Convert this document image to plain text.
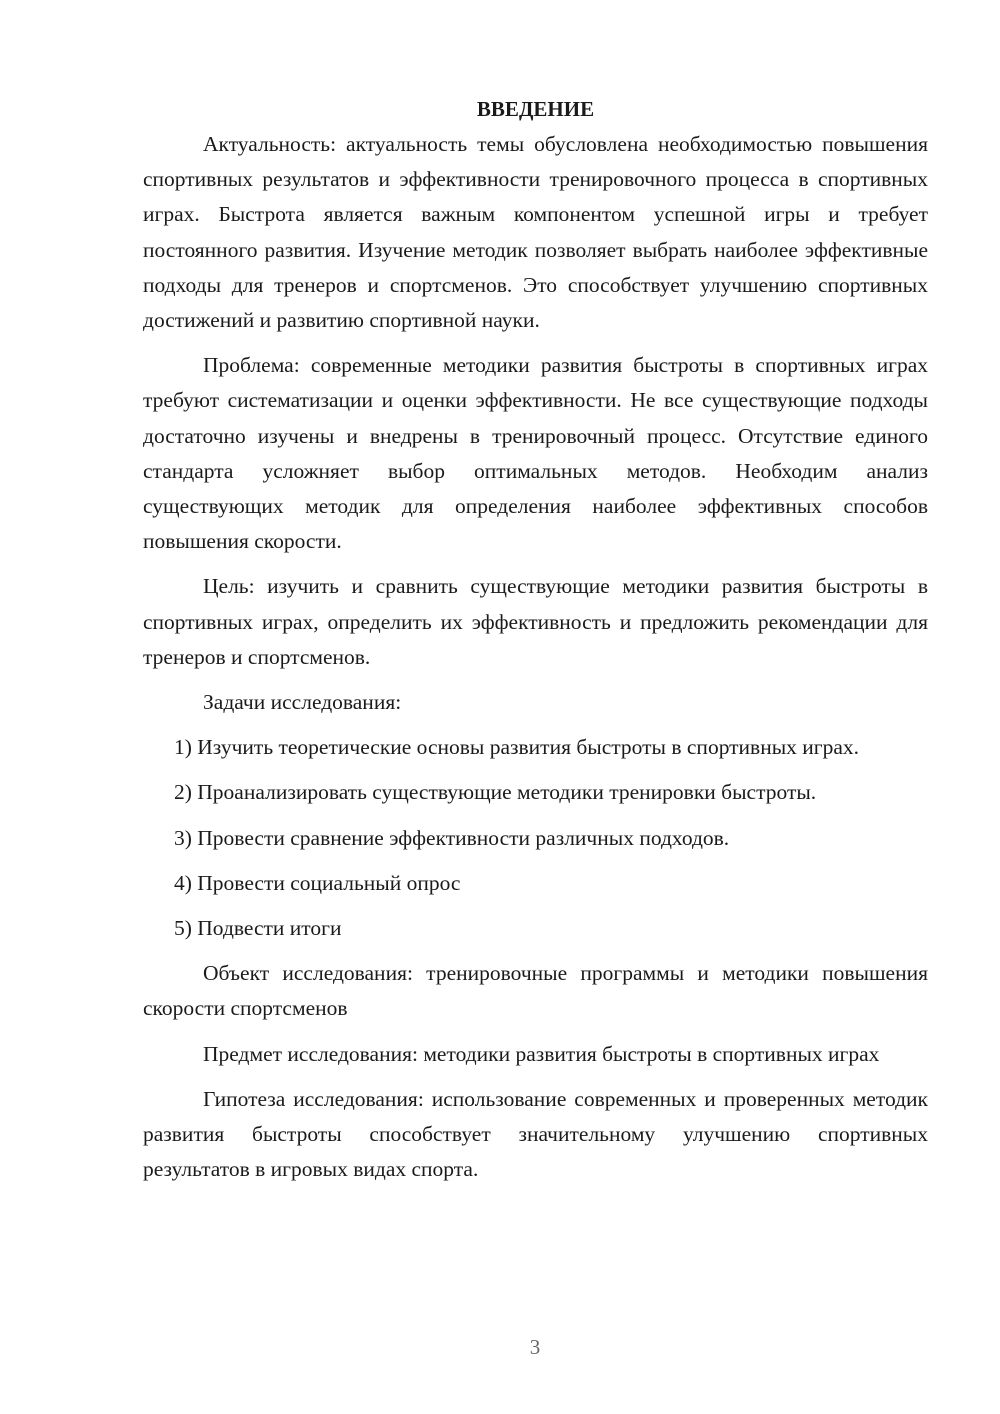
ВВЕДЕНИЕ

Актуальность: актуальность темы обусловлена необходимостью повышения спортивных результатов и эффективности тренировочного процесса в спортивных играх. Быстрота является важным компонентом успешной игры и требует постоянного развития. Изучение методик позволяет выбрать наиболее эффективные подходы для тренеров и спортсменов. Это способствует улучшению спортивных достижений и развитию спортивной науки.

Проблема: современные методики развития быстроты в спортивных играх требуют систематизации и оценки эффективности. Не все существующие подходы достаточно изучены и внедрены в тренировочный процесс. Отсутствие единого стандарта усложняет выбор оптимальных методов. Необходим анализ существующих методик для определения наиболее эффективных способов повышения скорости.

Цель: изучить и сравнить существующие методики развития быстроты в спортивных играх, определить их эффективность и предложить рекомендации для тренеров и спортсменов.

Задачи исследования:

1) Изучить теоретические основы развития быстроты в спортивных играх.

2) Проанализировать существующие методики тренировки быстроты.

3) Провести сравнение эффективности различных подходов.

4) Провести социальный опрос

5) Подвести итоги

Объект исследования: тренировочные программы и методики повышения скорости спортсменов

Предмет исследования: методики развития быстроты в спортивных играх

Гипотеза исследования: использование современных и проверенных методик развития быстроты способствует значительному улучшению спортивных результатов в игровых видах спорта.

3
